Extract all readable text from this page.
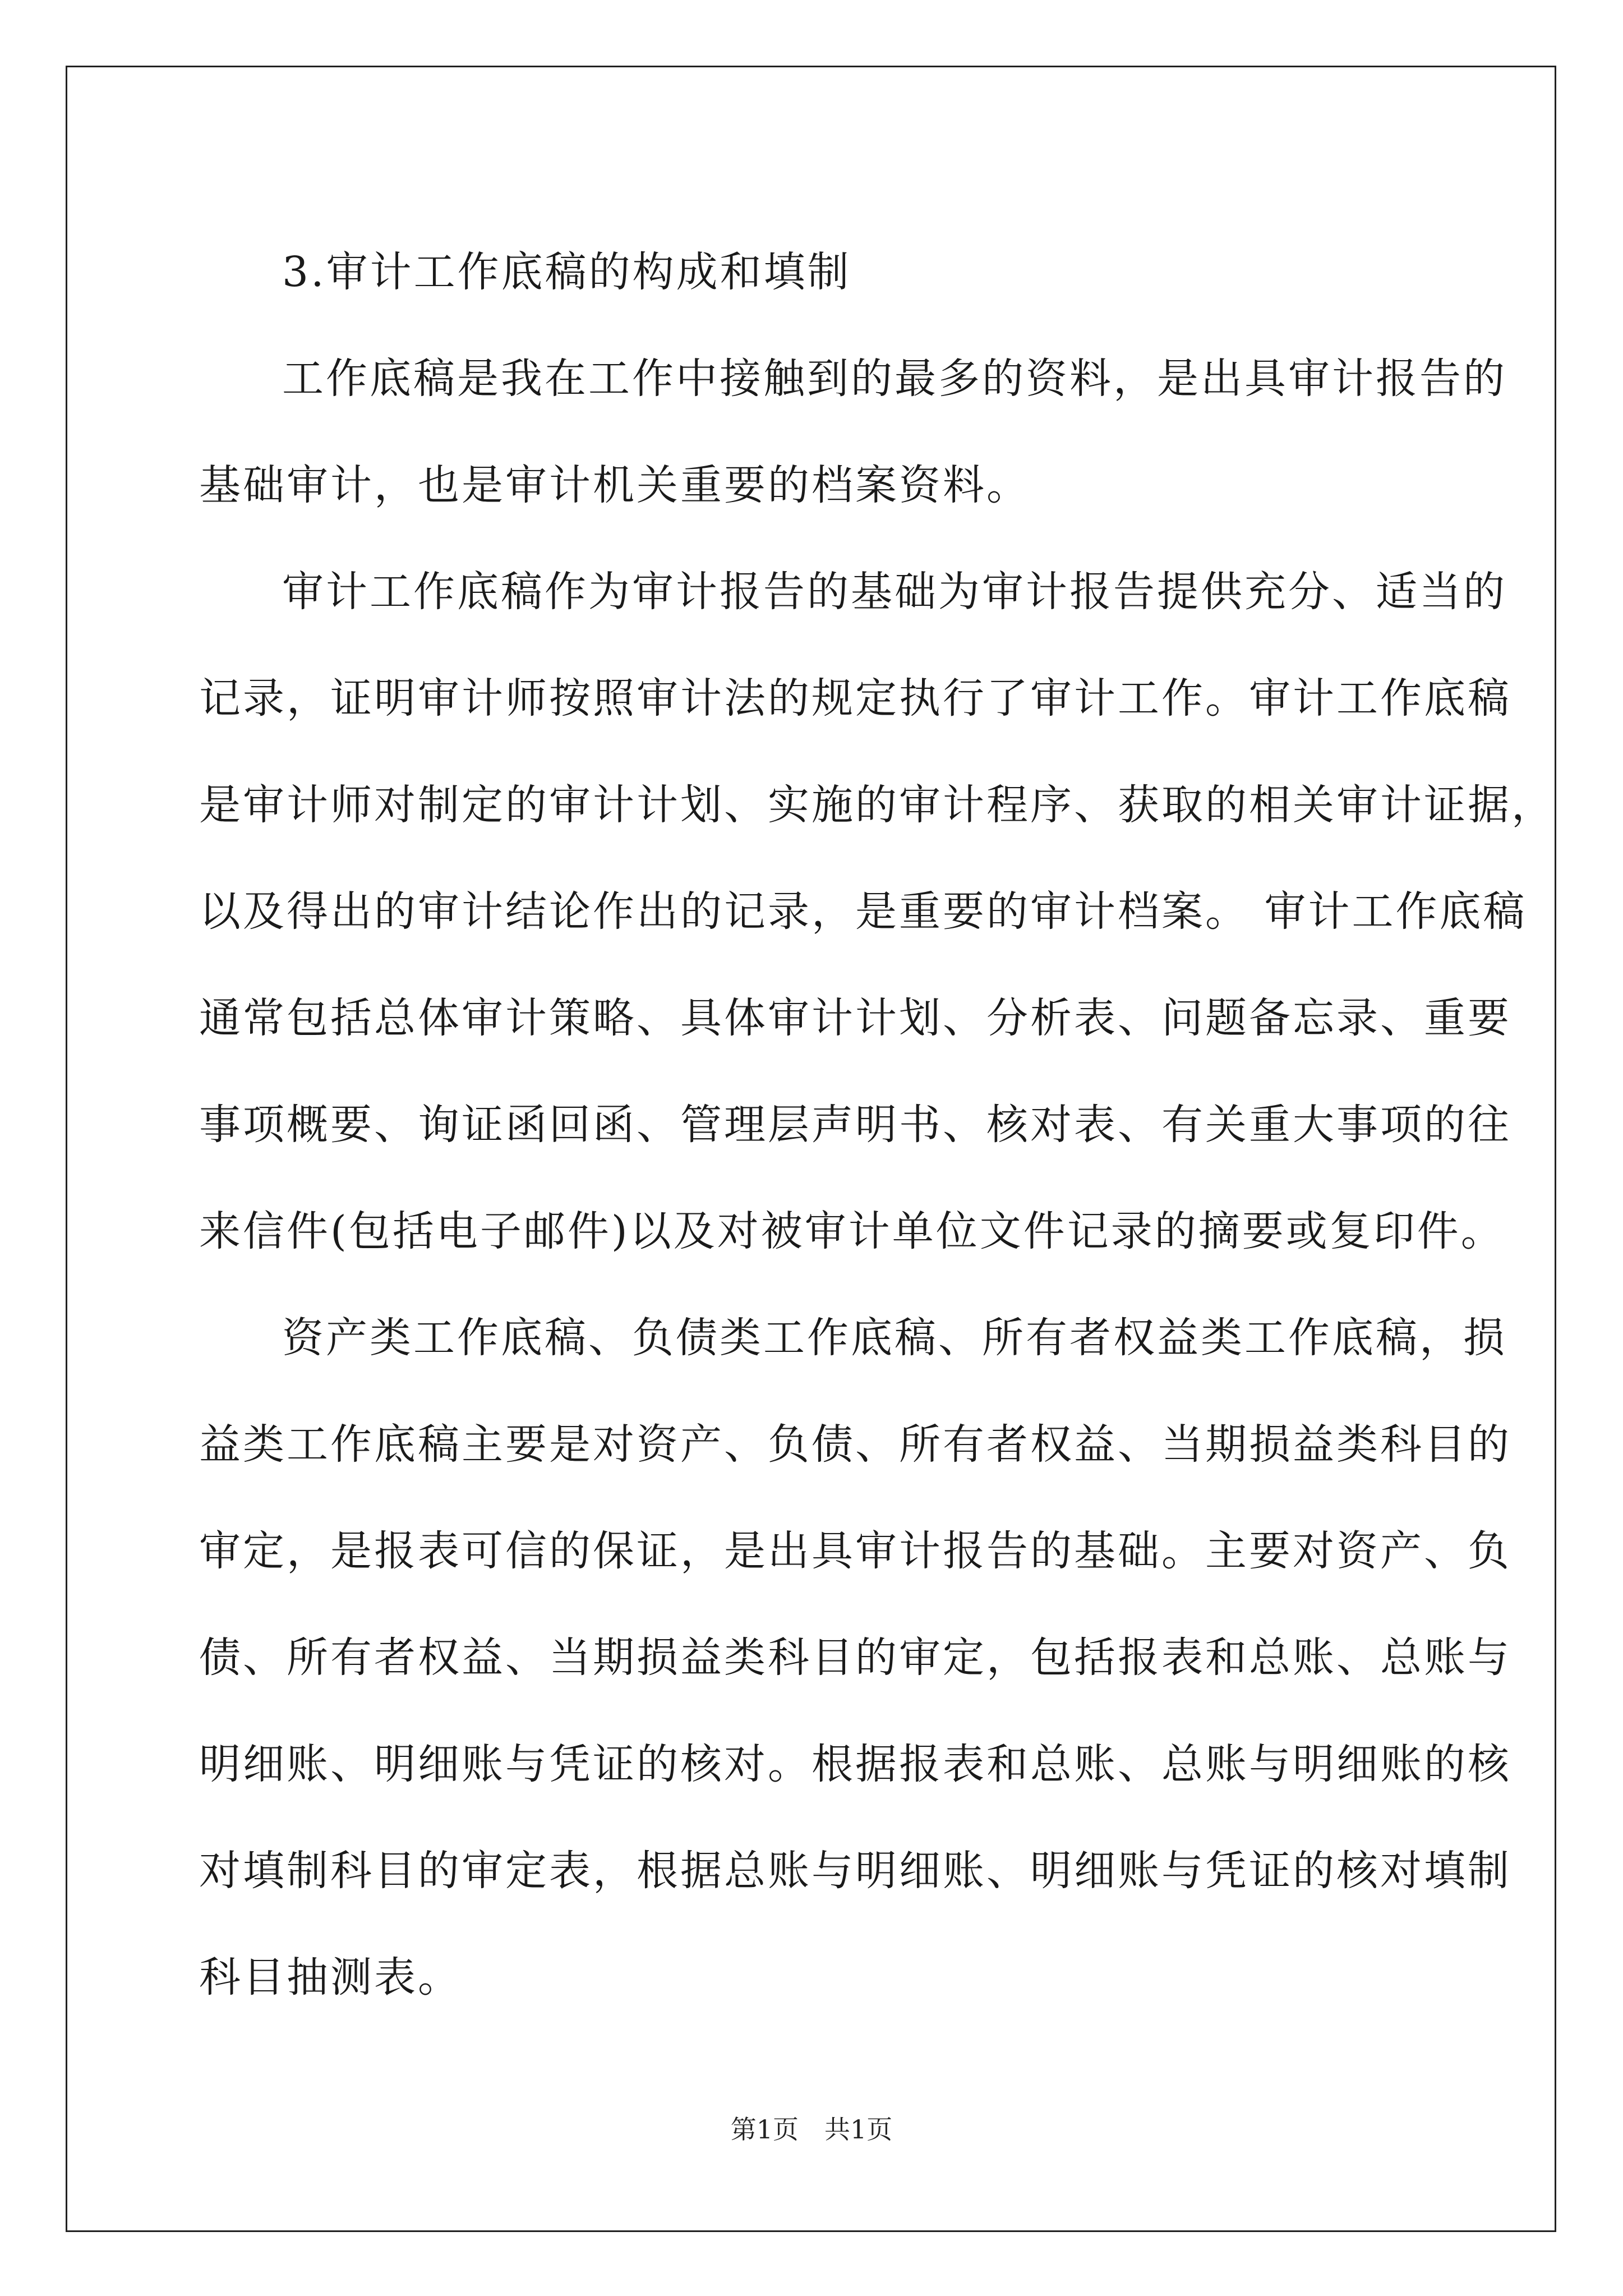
3.审计工作底稿的构成和填制
工作底稿是我在工作中接触到的最多的资料，是出具审计报告的
基础审计，也是审计机关重要的档案资料。
审计工作底稿作为审计报告的基础为审计报告提供充分、适当的
记录，证明审计师按照审计法的规定执行了审计工作。审计工作底稿
是审计师对制定的审计计划、实施的审计程序、获取的相关审计证据，
以及得出的审计结论作出的记录，是重要的审计档案。 审计工作底稿
通常包括总体审计策略、具体审计计划、分析表、问题备忘录、重要
事项概要、询证函回函、管理层声明书、核对表、有关重大事项的往
来信件(包括电子邮件)以及对被审计单位文件记录的摘要或复印件。
资产类工作底稿、负债类工作底稿、所有者权益类工作底稿，损
益类工作底稿主要是对资产、负债、所有者权益、当期损益类科目的
审定，是报表可信的保证，是出具审计报告的基础。主要对资产、负
债、所有者权益、当期损益类科目的审定，包括报表和总账、总账与
明细账、明细账与凭证的核对。根据报表和总账、总账与明细账的核
对填制科目的审定表，根据总账与明细账、明细账与凭证的核对填制
科目抽测表。
第1页　共1页
